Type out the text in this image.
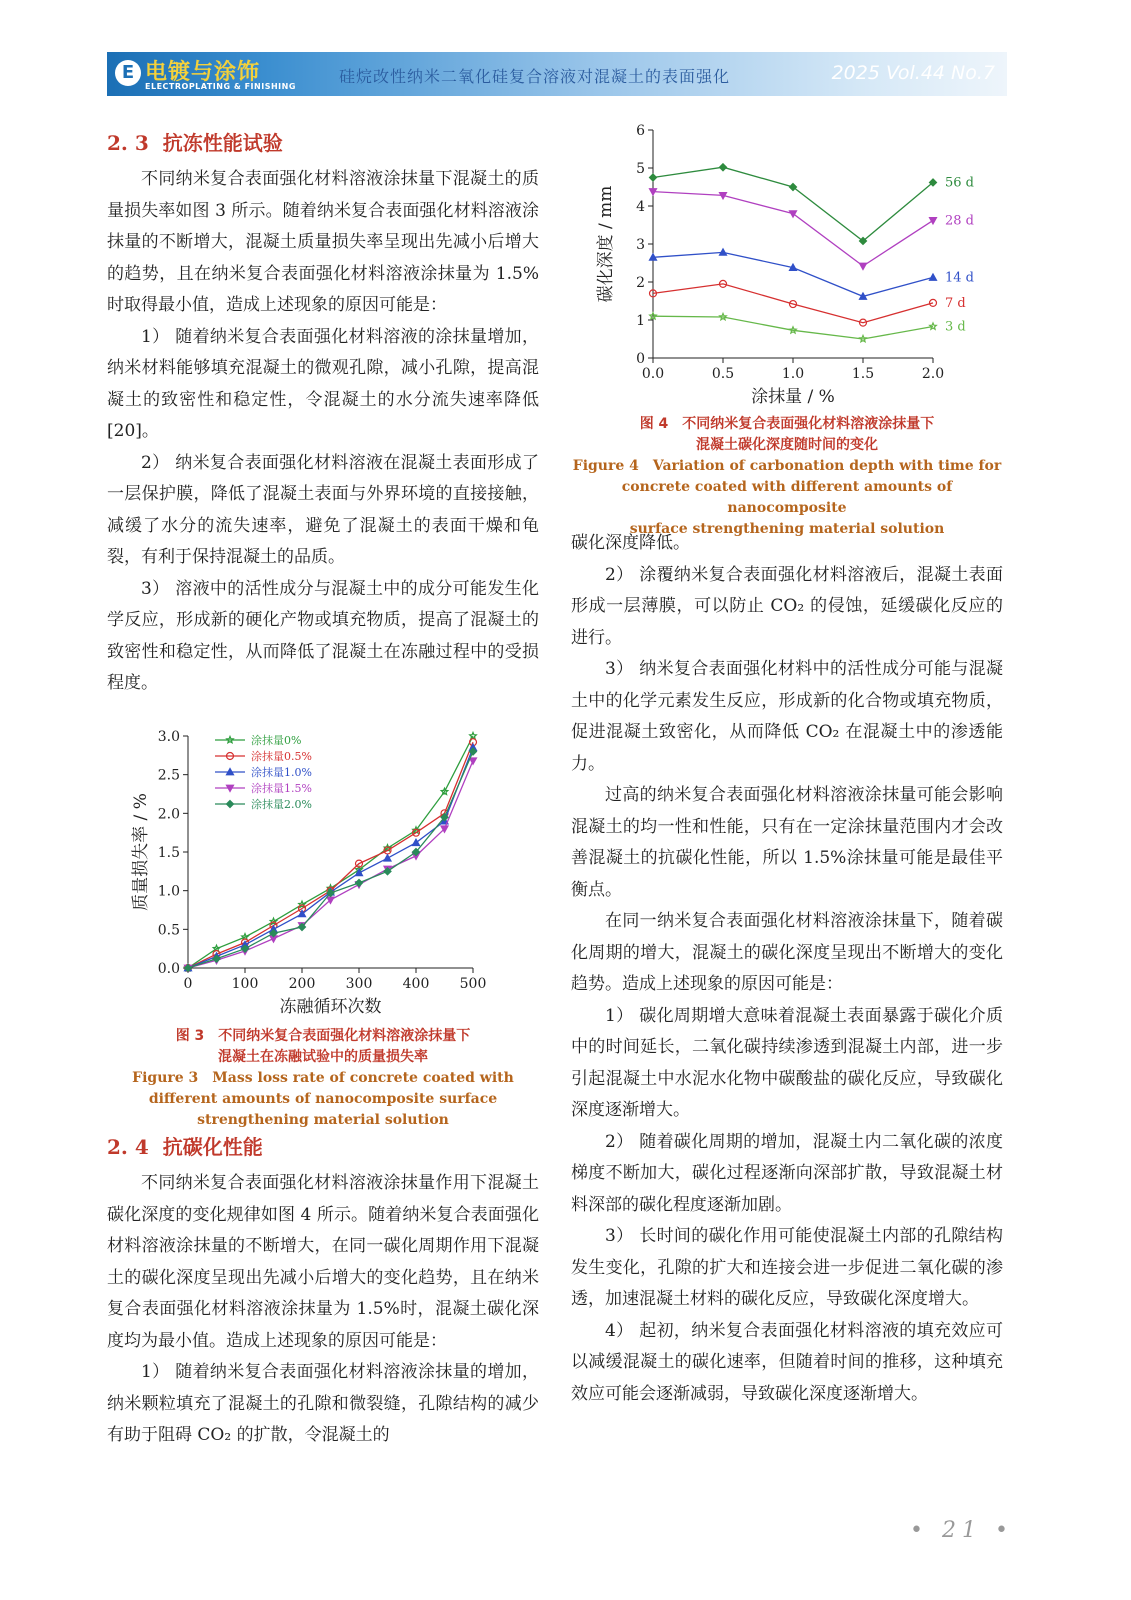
E 电镀与涂饰
ELECTROPLATING & FINISHING
硅烷改性纳米二氧化硅复合溶液对混凝土的表面强化	2025 Vol.44 No.7
2. 3 抗冻性能试验

不同纳米复合表面强化材料溶液涂抹量下混凝土的质量损失率如图 3 所示。随着纳米复合表面强化材料溶液涂抹量的不断增大，混凝土质量损失率呈现出先减小后增大的趋势，且在纳米复合表面强化材料溶液涂抹量为 1.5%时取得最小值，造成上述现象的原因可能是：

1） 随着纳米复合表面强化材料溶液的涂抹量增加，纳米材料能够填充混凝土的微观孔隙，减小孔隙，提高混凝土的致密性和稳定性，令混凝土的水分流失速率降低[20]。

2） 纳米复合表面强化材料溶液在混凝土表面形成了一层保护膜，降低了混凝土表面与外界环境的直接接触，减缓了水分的流失速率，避免了混凝土的表面干燥和龟裂，有利于保持混凝土的品质。

3） 溶液中的活性成分与混凝土中的成分可能发生化学反应，形成新的硬化产物或填充物质，提高了混凝土的致密性和稳定性，从而降低了混凝土在冻融过程中的受损程度。

0.0
0.5
1.0
1.5
2.0
2.5
3.0
0	100 200 300 400 500
冻融循环次数
质量损失率 / %
涂抹量0%
涂抹量0.5%
涂抹量1.0%
涂抹量1.5%
涂抹量2.0%
图 3　不同纳米复合表面强化材料溶液涂抹量下
混凝土在冻融试验中的质量损失率
Figure 3　Mass loss rate of concrete coated with
different amounts of nanocomposite surface
strengthening material solution
2. 4 抗碳化性能

不同纳米复合表面强化材料溶液涂抹量作用下混凝土碳化深度的变化规律如图 4 所示。随着纳米复合表面强化材料溶液涂抹量的不断增大，在同一碳化周期作用下混凝土的碳化深度呈现出先减小后增大的变化趋势，且在纳米复合表面强化材料溶液涂抹量为 1.5%时，混凝土碳化深度均为最小值。造成上述现象的原因可能是：

1） 随着纳米复合表面强化材料溶液涂抹量的增加，纳米颗粒填充了混凝土的孔隙和微裂缝，孔隙结构的减少有助于阻碍 CO₂ 的扩散，令混凝土的

0
1
2
3
4
5
6
0.0	0.5	1.0	1.5	2.0
涂抹量 / %
碳化深度 / mm
56 d
28 d
14 d
7 d
3 d
图 4　不同纳米复合表面强化材料溶液涂抹量下
混凝土碳化深度随时间的变化
Figure 4　Variation of carbonation depth with time for
concrete coated with different amounts of nanocomposite
surface strengthening material solution

碳化深度降低。

2） 涂覆纳米复合表面强化材料溶液后，混凝土表面形成一层薄膜，可以防止 CO₂ 的侵蚀，延缓碳化反应的进行。

3） 纳米复合表面强化材料中的活性成分可能与混凝土中的化学元素发生反应，形成新的化合物或填充物质，促进混凝土致密化，从而降低 CO₂ 在混凝土中的渗透能力。

过高的纳米复合表面强化材料溶液涂抹量可能会影响混凝土的均一性和性能，只有在一定涂抹量范围内才会改善混凝土的抗碳化性能，所以 1.5%涂抹量可能是最佳平衡点。

在同一纳米复合表面强化材料溶液涂抹量下，随着碳化周期的增大，混凝土的碳化深度呈现出不断增大的变化趋势。造成上述现象的原因可能是：

1） 碳化周期增大意味着混凝土表面暴露于碳化介质中的时间延长，二氧化碳持续渗透到混凝土内部，进一步引起混凝土中水泥水化物中碳酸盐的碳化反应，导致碳化深度逐渐增大。

2） 随着碳化周期的增加，混凝土内二氧化碳的浓度梯度不断加大，碳化过程逐渐向深部扩散，导致混凝土材料深部的碳化程度逐渐加剧。

3） 长时间的碳化作用可能使混凝土内部的孔隙结构发生变化，孔隙的扩大和连接会进一步促进二氧化碳的渗透，加速混凝土材料的碳化反应，导致碳化深度增大。

4） 起初，纳米复合表面强化材料溶液的填充效应可以减缓混凝土的碳化速率，但随着时间的推移，这种填充效应可能会逐渐减弱，导致碳化深度逐渐增大。

• 21 •
